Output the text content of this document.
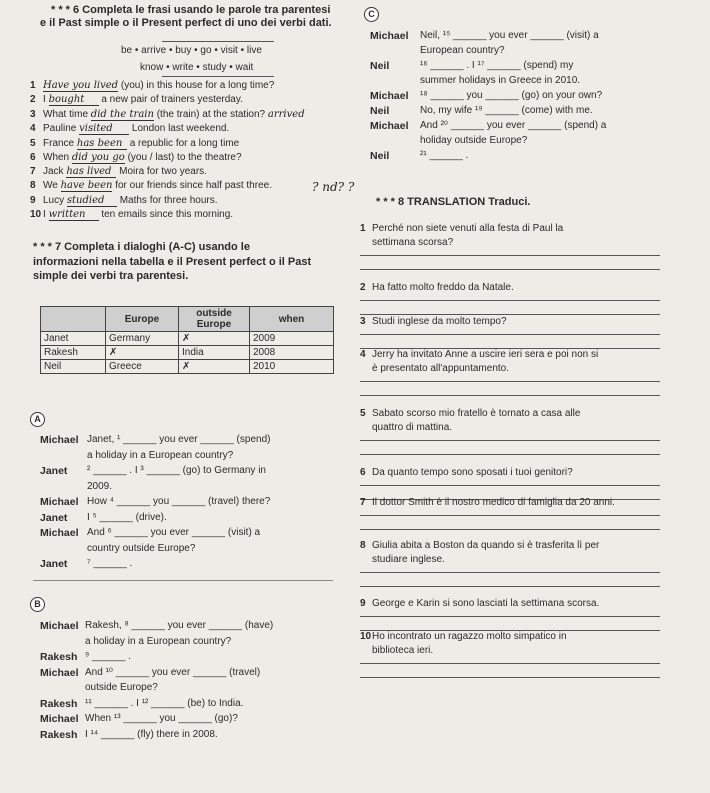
* * * 6 Completa le frasi usando le parole tra parentesi
e il Past simple o il Present perfect di uno dei verbi dati.
be • arrive • buy • go • visit • live
know • write • study • wait
1 Have you lived (you) in this house for a long time?
2 I bought a new pair of trainers yesterday.
3 What time did the train (the train) at the station? arrived
4 Pauline visited London last weekend.
5 France has been a republic for a long time
6 When did you go (you / last) to the theatre?
7 Jack has lived Moira for two years.
8 We have been for our friends since half past three.
9 Lucy studied Maths for three hours.
10 I written ten emails since this morning.
? nd? ?
* * * 7 Completa i dialoghi (A-C) usando le
informazioni nella tabella e il Present perfect o il Past
simple dei verbi tra parentesi.
	Europe	outside Europe	when
Janet	Germany	✗	2009
Rakesh	✗	India	2008
Neil	Greece	✗	2010
A
Michael Janet, ¹ ______ you ever ______ (spend)
a holiday in a European country?
Janet ² ______ . I ³ ______ (go) to Germany in
2009.
Michael How ⁴ ______ you ______ (travel) there?
Janet I ⁵ ______ (drive).
Michael And ⁶ ______ you ever ______ (visit) a
country outside Europe?
Janet ⁷ ______ .
B
Michael Rakesh, ⁸ ______ you ever ______ (have)
a holiday in a European country?
Rakesh ⁹ ______ .
Michael And ¹⁰ ______ you ever ______ (travel)
outside Europe?
Rakesh ¹¹ ______ . I ¹² ______ (be) to India.
Michael When ¹³ ______ you ______ (go)?
Rakesh I ¹⁴ ______ (fly) there in 2008.
C
Michael Neil, ¹⁵ ______ you ever ______ (visit) a
European country?
Neil	¹⁶ ______ . I ¹⁷ ______ (spend) my
summer holidays in Greece in 2010.
Michael ¹⁸ ______ you ______ (go) on your own?
Neil	No, my wife ¹⁹ ______ (come) with me.
Michael And ²⁰ ______ you ever ______ (spend) a
holiday outside Europe?
Neil	²¹ ______ .
* * * 8 TRANSLATION Traduci.
1 Perché non siete venuti alla festa di Paul la
settimana scorsa?
2 Ha fatto molto freddo da Natale.
3 Studi inglese da molto tempo?
4 Jerry ha invitato Anne a uscire ieri sera e poi non si
è presentato all'appuntamento.
5 Sabato scorso mio fratello è tornato a casa alle
quattro di mattina.
6 Da quanto tempo sono sposati i tuoi genitori?
7 Il dottor Smith è il nostro medico di famiglia da 20 anni.
8 Giulia abita a Boston da quando si è trasferita lì per
studiare inglese.
9 George e Karin si sono lasciati la settimana scorsa.
10 Ho incontrato un ragazzo molto simpatico in
biblioteca ieri.
